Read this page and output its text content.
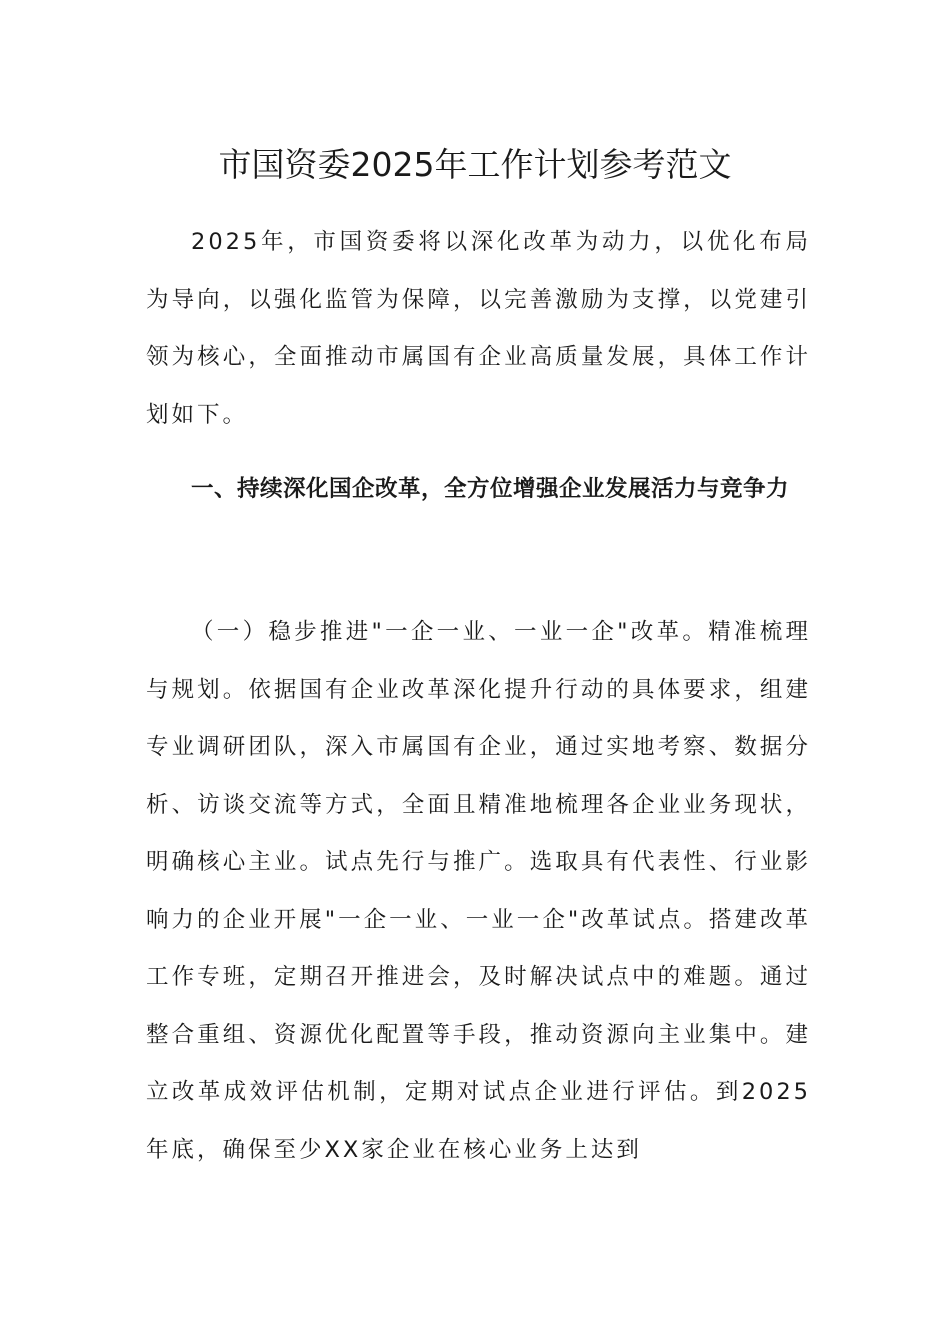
市国资委2025年工作计划参考范文

2025年，市国资委将以深化改革为动力，以优化布局为导向，以强化监管为保障，以完善激励为支撑，以党建引领为核心，全面推动市属国有企业高质量发展，具体工作计划如下。

一、持续深化国企改革，全方位增强企业发展活力与竞争力

（一）稳步推进"一企一业、一业一企"改革。精准梳理与规划。依据国有企业改革深化提升行动的具体要求，组建专业调研团队，深入市属国有企业，通过实地考察、数据分析、访谈交流等方式，全面且精准地梳理各企业业务现状，明确核心主业。试点先行与推广。选取具有代表性、行业影响力的企业开展"一企一业、一业一企"改革试点。搭建改革工作专班，定期召开推进会，及时解决试点中的难题。通过整合重组、资源优化配置等手段，推动资源向主业集中。建立改革成效评估机制，定期对试点企业进行评估。到2025年底，确保至少XX家企业在核心业务上达到
